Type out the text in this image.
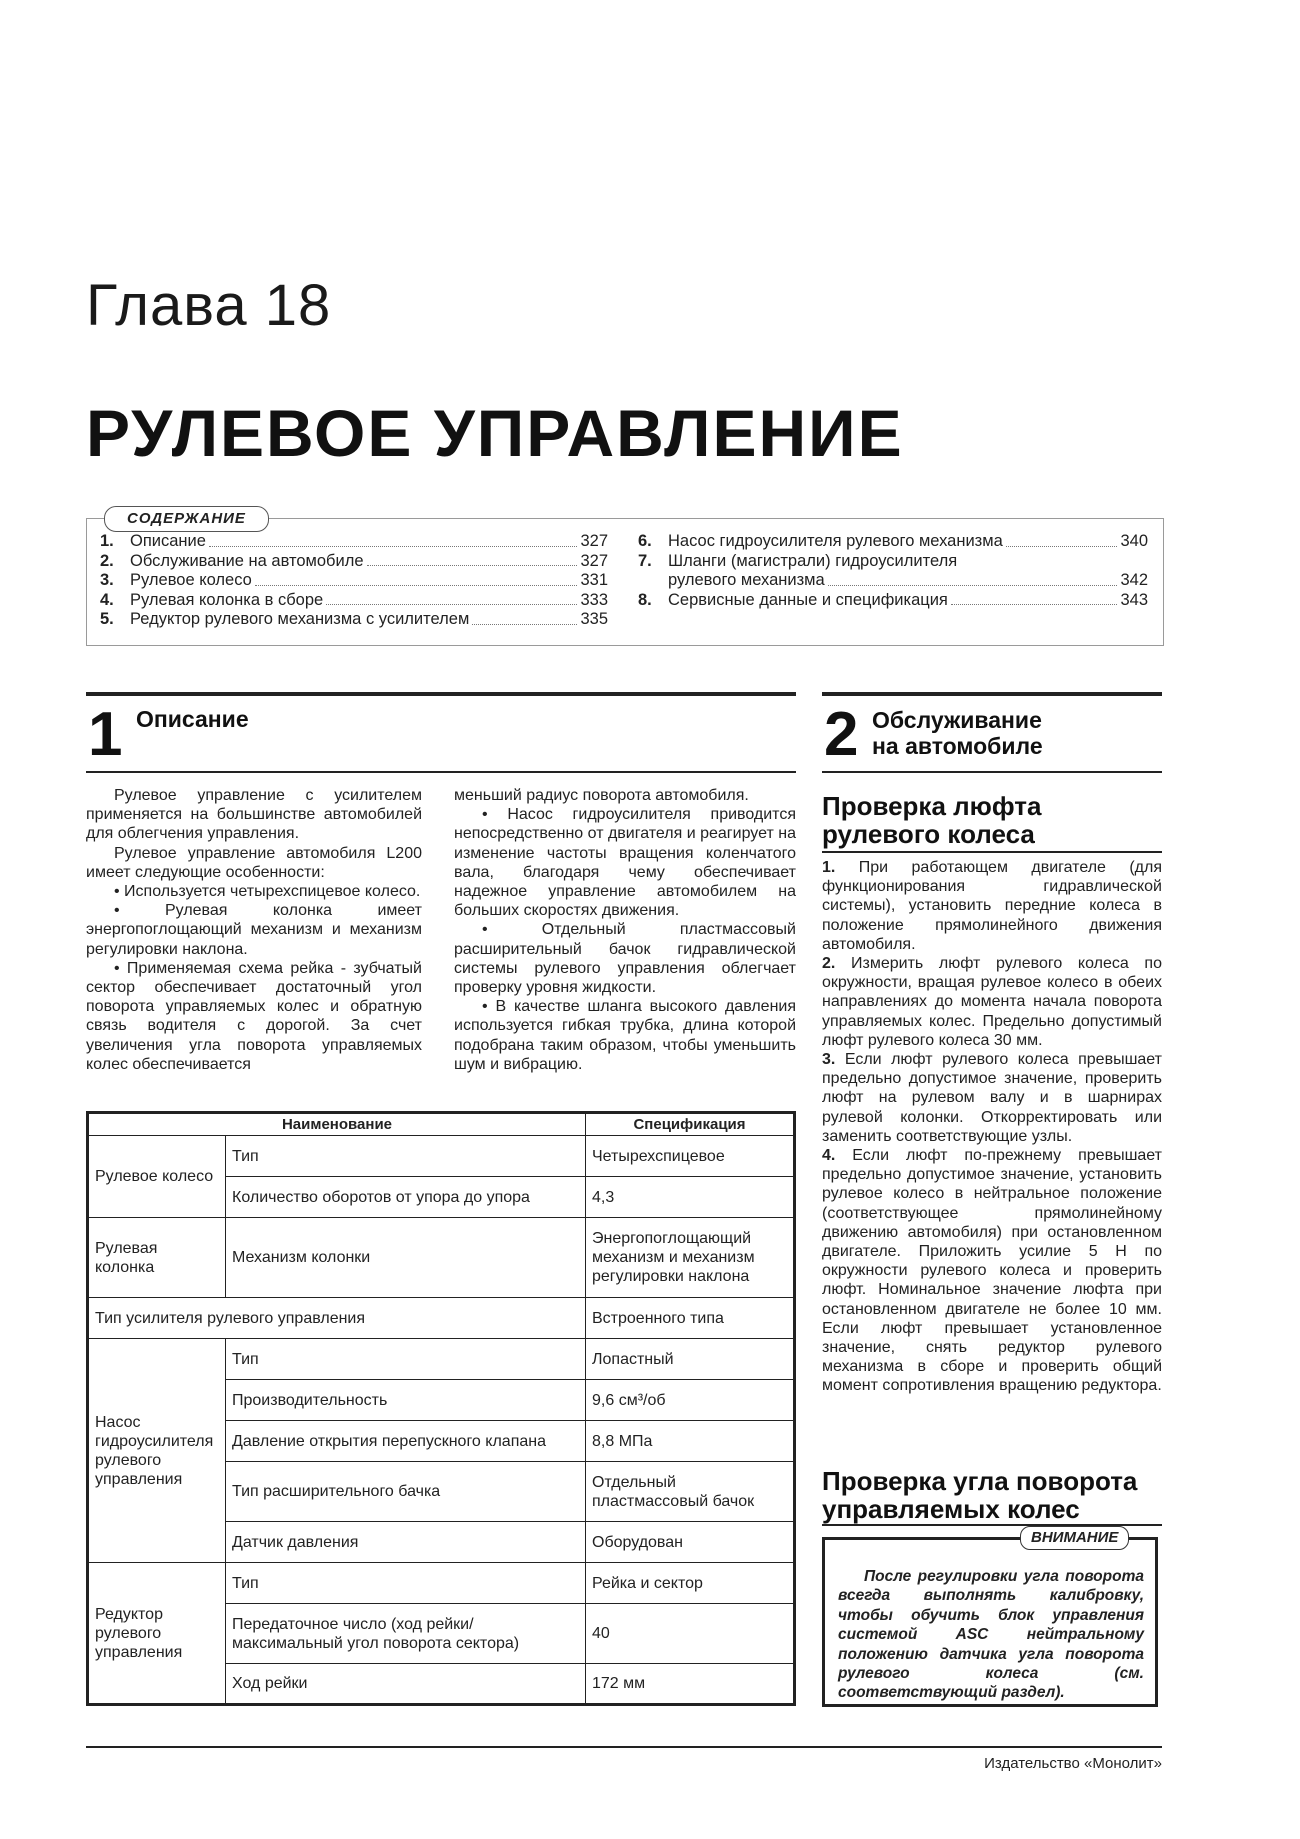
Глава 18
РУЛЕВОЕ УПРАВЛЕНИЕ
СОДЕРЖАНИЕ
1. Описание	327
2. Обслуживание на автомобиле	327
3. Рулевое колесо	331
4. Рулевая колонка в сборе	333
5. Редуктор рулевого механизма с усилителем	335
6. Насос гидроусилителя рулевого механизма	340
7. Шланги (магистрали) гидроусилителя
рулевого механизма	342
8. Сервисные данные и спецификация	343
1 Описание

Рулевое управление с усилителем применяется на большинстве автомобилей для облегчения управления.

Рулевое управление автомобиля L200 имеет следующие особенности:

• Используется четырехспицевое колесо.

• Рулевая колонка имеет энергопоглощающий механизм и механизм регулировки наклона.

• Применяемая схема рейка - зубчатый сектор обеспечивает достаточный угол поворота управляемых колес и обратную связь водителя с дорогой. За счет увеличения угла поворота управляемых колес обеспечивается

меньший радиус поворота автомобиля.

• Насос гидроусилителя приводится непосредственно от двигателя и реагирует на изменение частоты вращения коленчатого вала, благодаря чему обеспечивает надежное управление автомобилем на больших скоростях движения.

• Отдельный пластмассовый расширительный бачок гидравлической системы рулевого управления облегчает проверку уровня жидкости.

• В качестве шланга высокого давления используется гибкая трубка, длина которой подобрана таким образом, чтобы уменьшить шум и вибрацию.

Наименование		Спецификация
Рулевое колесо	Тип	Четырехспицевое
	Количество оборотов от упора до упора	4,3
Рулевая колонка	Механизм колонки	Энергопоглощающий механизм и механизм регулировки наклона
Тип усилителя рулевого управления		Встроенного типа
Насос гидроусилителя рулевого управления	Тип	Лопастный
	Производительность	9,6 см³/об
	Давление открытия перепускного клапана	8,8 МПа
	Тип расширительного бачка	Отдельный пластмассовый бачок
	Датчик давления	Оборудован
Редуктор рулевого управления	Тип	Рейка и сектор
	Передаточное число (ход рейки/максимальный угол поворота сектора)	40
	Ход рейки	172 мм
2 Обслуживание
на автомобиле
Проверка люфта
рулевого колеса

1. При работающем двигателе (для функционирования гидравлической системы), установить передние колеса в положение прямолинейного движения автомобиля.

2. Измерить люфт рулевого колеса по окружности, вращая рулевое колесо в обеих направлениях до момента начала поворота управляемых колес. Предельно допустимый люфт рулевого колеса 30 мм.

3. Если люфт рулевого колеса превышает предельно допустимое значение, проверить люфт на рулевом валу и в шарнирах рулевой колонки. Откорректировать или заменить соответствующие узлы.

4. Если люфт по-прежнему превышает предельно допустимое значение, установить рулевое колесо в нейтральное положение (соответствующее прямолинейному движению автомобиля) при остановленном двигателе. Приложить усилие 5 Н по окружности рулевого колеса и проверить люфт. Номинальное значение люфта при остановленном двигателе не более 10 мм. Если люфт превышает установленное значение, снять редуктор рулевого механизма в сборе и проверить общий момент сопротивления вращению редуктора.

Проверка угла поворота
управляемых колес
ВНИМАНИЕ
После регулировки угла поворота всегда выполнять калибровку, чтобы обучить блок управления системой ASC нейтральному положению датчика угла поворота рулевого колеса (см. соответствующий раздел).
Издательство «Монолит»
